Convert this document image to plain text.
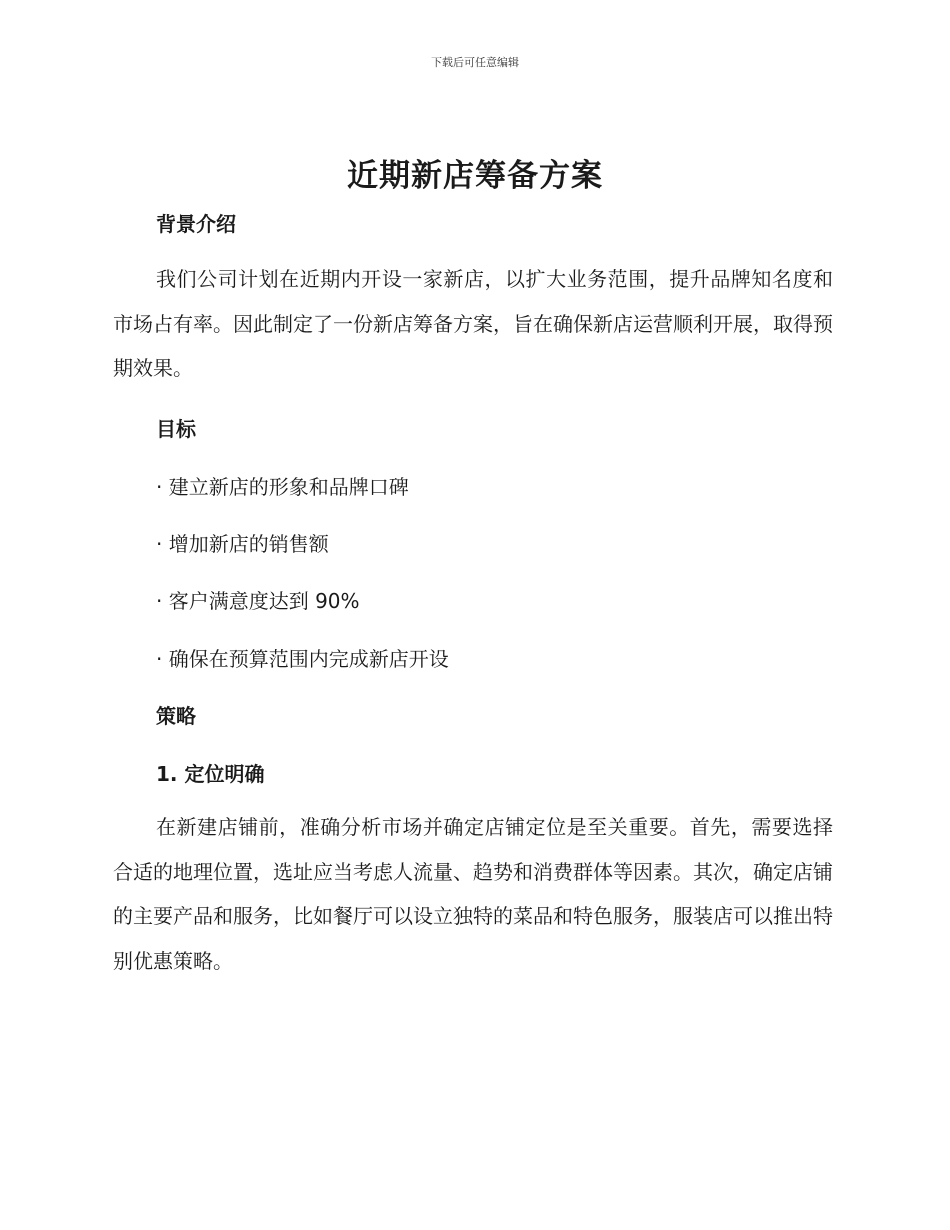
下载后可任意编辑
近期新店筹备方案
背景介绍

我们公司计划在近期内开设一家新店，以扩大业务范围，提升品牌知名度和市场占有率。因此制定了一份新店筹备方案，旨在确保新店运营顺利开展，取得预期效果。

目标

· 建立新店的形象和品牌口碑

· 增加新店的销售额

· 客户满意度达到 90%

· 确保在预算范围内完成新店开设

策略
1. 定位明确

在新建店铺前，准确分析市场并确定店铺定位是至关重要。首先，需要选择合适的地理位置，选址应当考虑人流量、趋势和消费群体等因素。其次，确定店铺的主要产品和服务，比如餐厅可以设立独特的菜品和特色服务，服装店可以推出特别优惠策略。
